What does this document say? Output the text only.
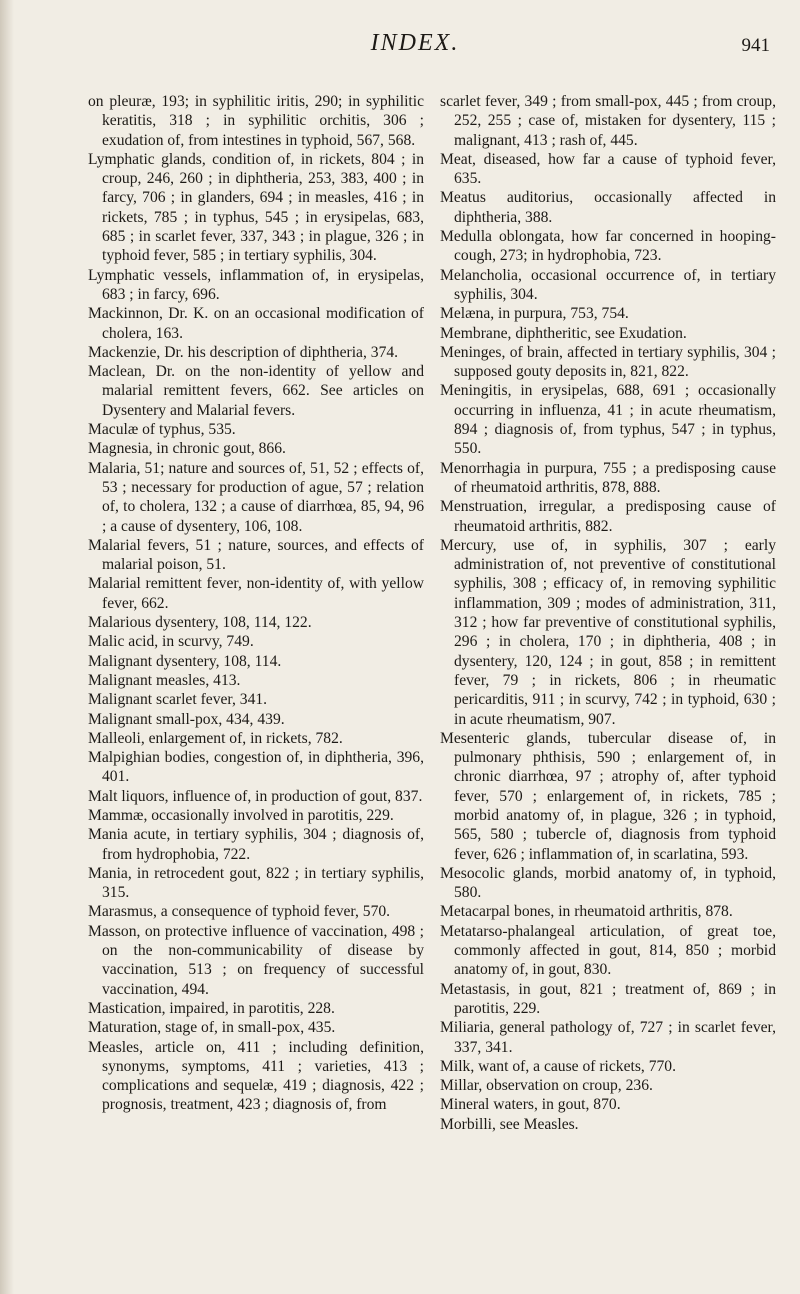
INDEX.	941
on pleuræ, 193; in syphilitic iritis, 290; in syphilitic keratitis, 318 ; in syphilitic orchitis, 306 ; exudation of, from intestines in typhoid, 567, 568.
Lymphatic glands, condition of, in rickets, 804 ; in croup, 246, 260 ; in diphtheria, 253, 383, 400 ; in farcy, 706 ; in glanders, 694 ; in measles, 416 ; in rickets, 785 ; in typhus, 545 ; in erysipelas, 683, 685 ; in scarlet fever, 337, 343 ; in plague, 326 ; in typhoid fever, 585 ; in tertiary syphilis, 304.
Lymphatic vessels, inflammation of, in erysipelas, 683 ; in farcy, 696.
Mackinnon, Dr. K. on an occasional modification of cholera, 163.
Mackenzie, Dr. his description of diphtheria, 374.
Maclean, Dr. on the non-identity of yellow and malarial remittent fevers, 662. See articles on Dysentery and Malarial fevers.
Maculæ of typhus, 535.
Magnesia, in chronic gout, 866.
Malaria, 51; nature and sources of, 51, 52 ; effects of, 53 ; necessary for production of ague, 57 ; relation of, to cholera, 132 ; a cause of diarrhœa, 85, 94, 96 ; a cause of dysentery, 106, 108.
Malarial fevers, 51 ; nature, sources, and effects of malarial poison, 51.
Malarial remittent fever, non-identity of, with yellow fever, 662.
Malarious dysentery, 108, 114, 122.
Malic acid, in scurvy, 749.
Malignant dysentery, 108, 114.
Malignant measles, 413.
Malignant scarlet fever, 341.
Malignant small-pox, 434, 439.
Malleoli, enlargement of, in rickets, 782.
Malpighian bodies, congestion of, in diphtheria, 396, 401.
Malt liquors, influence of, in production of gout, 837.
Mammæ, occasionally involved in parotitis, 229.
Mania acute, in tertiary syphilis, 304 ; diagnosis of, from hydrophobia, 722.
Mania, in retrocedent gout, 822 ; in tertiary syphilis, 315.
Marasmus, a consequence of typhoid fever, 570.
Masson, on protective influence of vaccination, 498 ; on the non-communicability of disease by vaccination, 513 ; on frequency of successful vaccination, 494.
Mastication, impaired, in parotitis, 228.
Maturation, stage of, in small-pox, 435.
Measles, article on, 411 ; including definition, synonyms, symptoms, 411 ; varieties, 413 ; complications and sequelæ, 419 ; diagnosis, 422 ; prognosis, treatment, 423 ; diagnosis of, from
scarlet fever, 349 ; from small-pox, 445 ; from croup, 252, 255 ; case of, mistaken for dysentery, 115 ; malignant, 413 ; rash of, 445.
Meat, diseased, how far a cause of typhoid fever, 635.
Meatus auditorius, occasionally affected in diphtheria, 388.
Medulla oblongata, how far concerned in hooping-cough, 273; in hydrophobia, 723.
Melancholia, occasional occurrence of, in tertiary syphilis, 304.
Melæna, in purpura, 753, 754.
Membrane, diphtheritic, see Exudation.
Meninges, of brain, affected in tertiary syphilis, 304 ; supposed gouty deposits in, 821, 822.
Meningitis, in erysipelas, 688, 691 ; occasionally occurring in influenza, 41 ; in acute rheumatism, 894 ; diagnosis of, from typhus, 547 ; in typhus, 550.
Menorrhagia in purpura, 755 ; a predisposing cause of rheumatoid arthritis, 878, 888.
Menstruation, irregular, a predisposing cause of rheumatoid arthritis, 882.
Mercury, use of, in syphilis, 307 ; early administration of, not preventive of constitutional syphilis, 308 ; efficacy of, in removing syphilitic inflammation, 309 ; modes of administration, 311, 312 ; how far preventive of constitutional syphilis, 296 ; in cholera, 170 ; in diphtheria, 408 ; in dysentery, 120, 124 ; in gout, 858 ; in remittent fever, 79 ; in rickets, 806 ; in rheumatic pericarditis, 911 ; in scurvy, 742 ; in typhoid, 630 ; in acute rheumatism, 907.
Mesenteric glands, tubercular disease of, in pulmonary phthisis, 590 ; enlargement of, in chronic diarrhœa, 97 ; atrophy of, after typhoid fever, 570 ; enlargement of, in rickets, 785 ; morbid anatomy of, in plague, 326 ; in typhoid, 565, 580 ; tubercle of, diagnosis from typhoid fever, 626 ; inflammation of, in scarlatina, 593.
Mesocolic glands, morbid anatomy of, in typhoid, 580.
Metacarpal bones, in rheumatoid arthritis, 878.
Metatarso-phalangeal articulation, of great toe, commonly affected in gout, 814, 850 ; morbid anatomy of, in gout, 830.
Metastasis, in gout, 821 ; treatment of, 869 ; in parotitis, 229.
Miliaria, general pathology of, 727 ; in scarlet fever, 337, 341.
Milk, want of, a cause of rickets, 770.
Millar, observation on croup, 236.
Mineral waters, in gout, 870.
Morbilli, see Measles.
